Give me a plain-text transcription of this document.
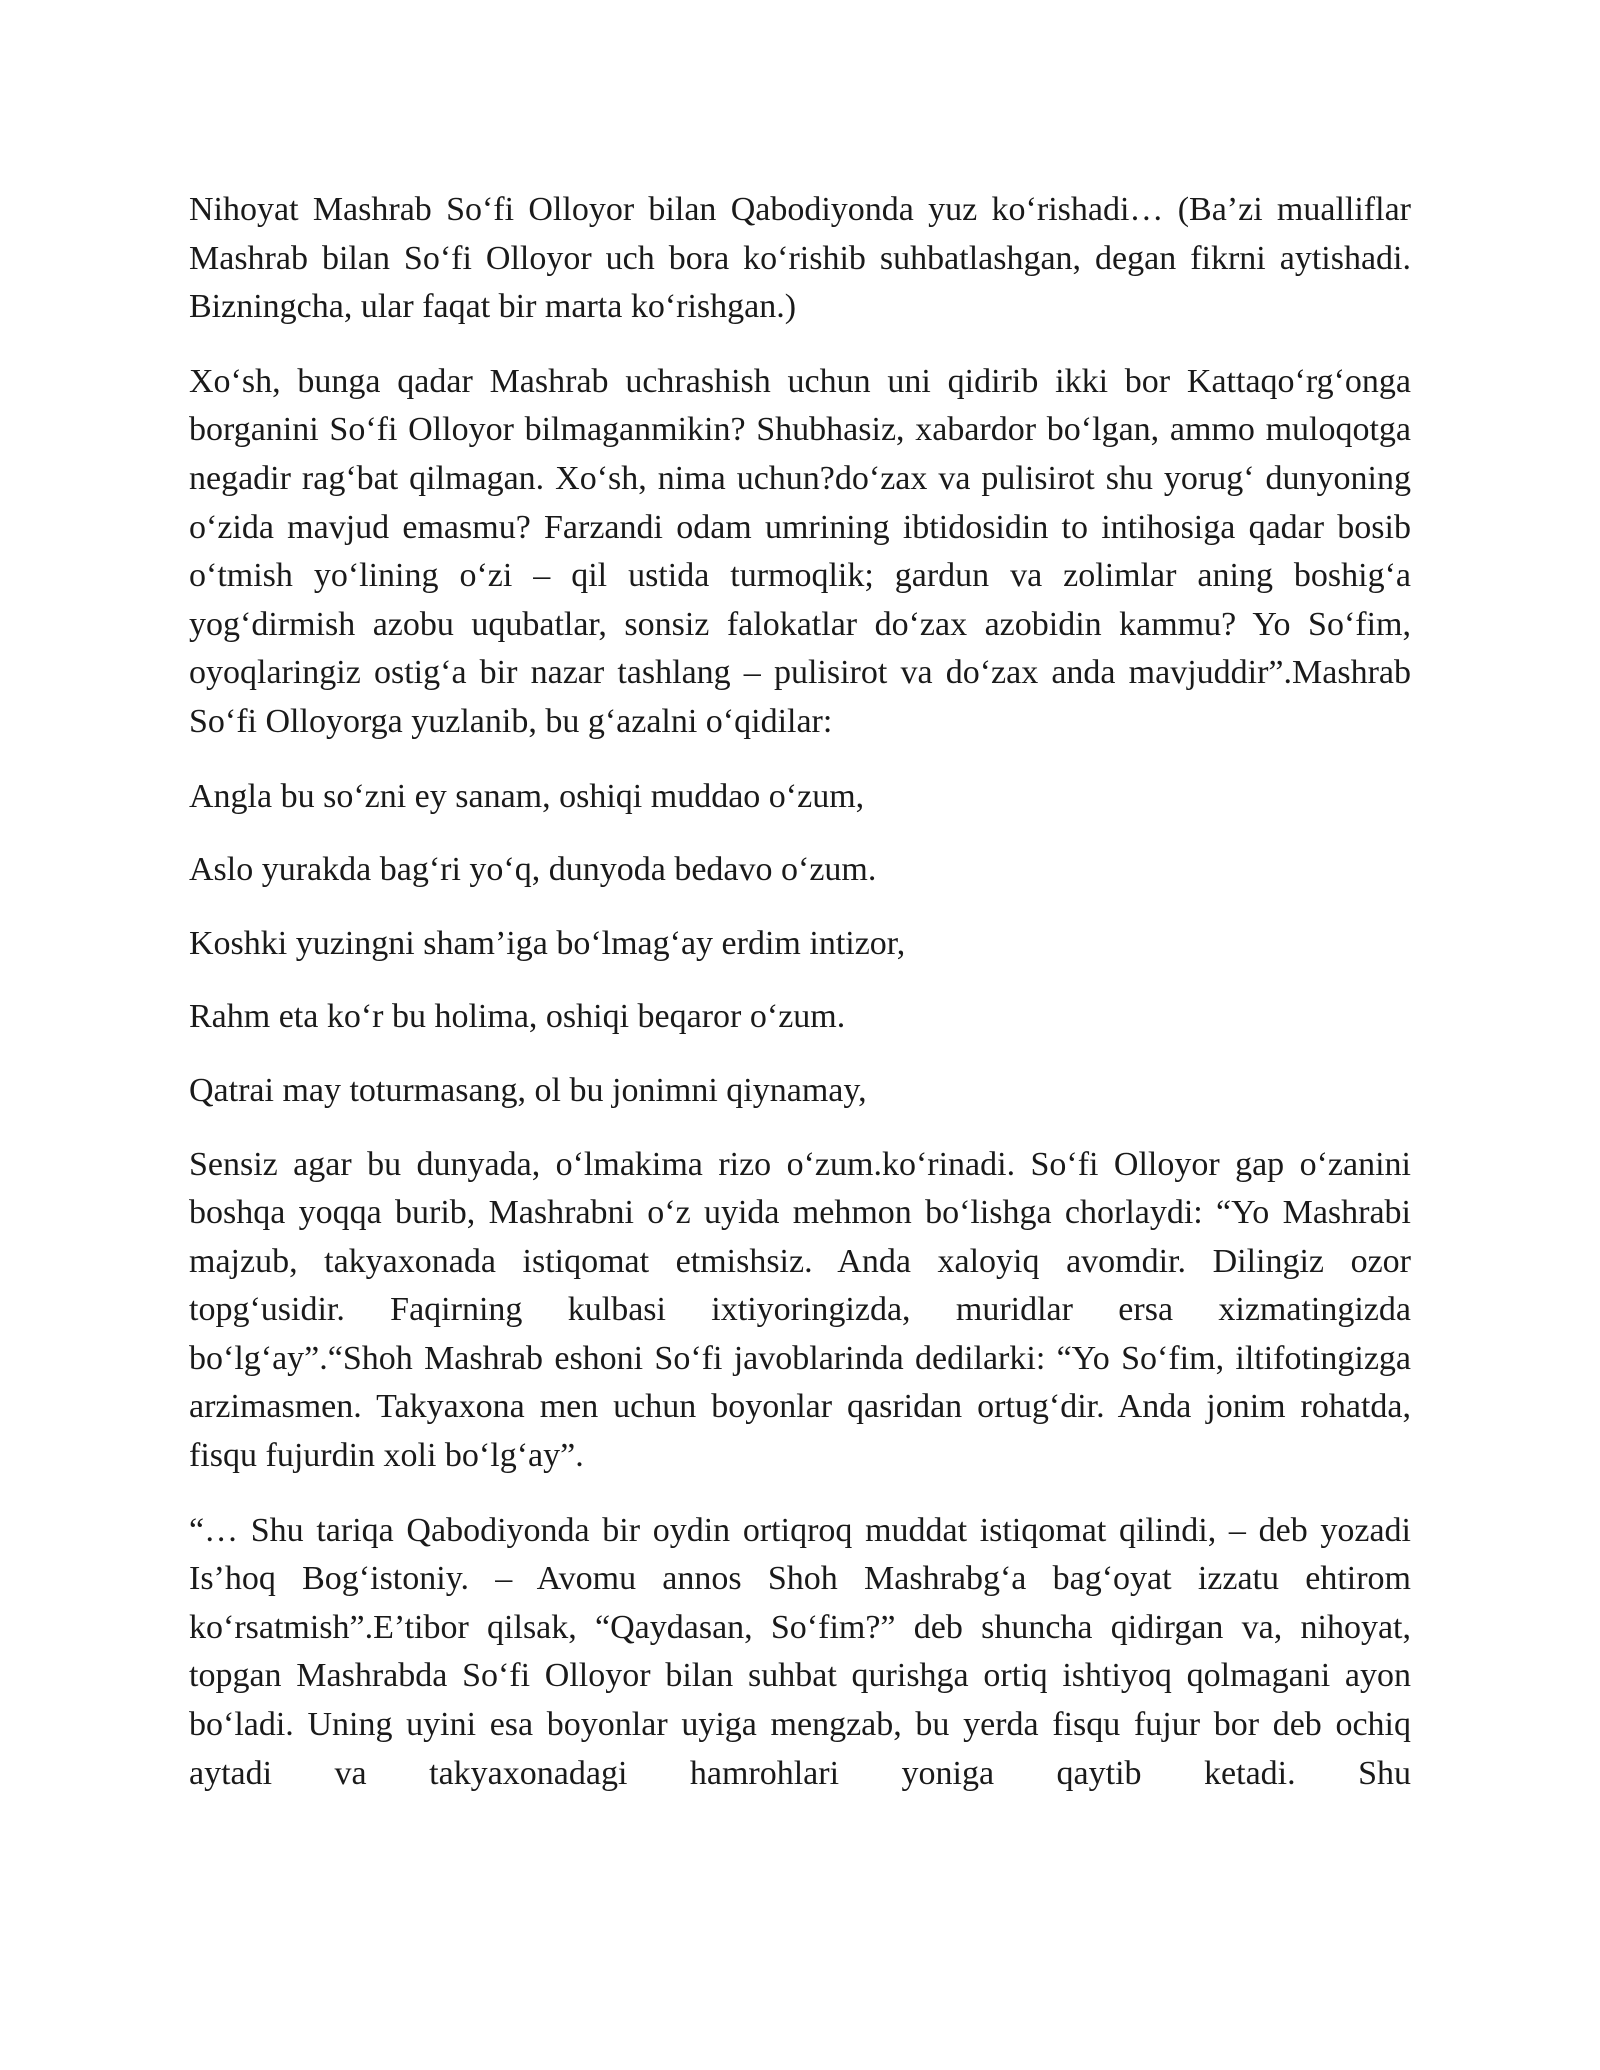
Nihoyat Mashrab So‘fi Olloyor bilan Qabodiyonda yuz ko‘rishadi… (Ba’zi mualliflar Mashrab bilan So‘fi Olloyor uch bora ko‘rishib suhbatlashgan, degan fikrni aytishadi. Bizningcha, ular faqat bir marta ko‘rishgan.)

Xo‘sh, bunga qadar Mashrab uchrashish uchun uni qidirib ikki bor Kattaqo‘rg‘onga borganini So‘fi Olloyor bilmaganmikin? Shubhasiz, xabardor bo‘lgan, ammo muloqotga negadir rag‘bat qilmagan. Xo‘sh, nima uchun?do‘zax va pulisirot shu yorug‘ dunyoning o‘zida mavjud emasmu? Farzandi odam umrining ibtidosidin to intihosiga qadar bosib o‘tmish yo‘lining o‘zi – qil ustida turmoqlik; gardun va zolimlar aning boshig‘a yog‘dirmish azobu uqubatlar, sonsiz falokatlar do‘zax azobidin kammu? Yo So‘fim, oyoqlaringiz ostig‘a bir nazar tashlang – pulisirot va do‘zax anda mavjuddir”.Mashrab So‘fi Olloyorga yuzlanib, bu g‘azalni o‘qidilar:

Angla bu so‘zni ey sanam, oshiqi muddao o‘zum,

Aslo yurakda bag‘ri yo‘q, dunyoda bedavo o‘zum.

Koshki yuzingni sham’iga bo‘lmag‘ay erdim intizor,

Rahm eta ko‘r bu holima, oshiqi beqaror o‘zum.

Qatrai may toturmasang, ol bu jonimni qiynamay,

Sensiz agar bu dunyada, o‘lmakima rizo o‘zum.ko‘rinadi. So‘fi Olloyor gap o‘zanini boshqa yoqqa burib, Mashrabni o‘z uyida mehmon bo‘lishga chorlaydi: “Yo Mashrabi majzub, takyaxonada istiqomat etmishsiz. Anda xaloyiq avomdir. Dilingiz ozor topg‘usidir. Faqirning kulbasi ixtiyoringizda, muridlar ersa xizmatingizda bo‘lg‘ay”.“Shoh Mashrab eshoni So‘fi javoblarinda dedilarki: “Yo So‘fim, iltifotingizga arzimasmen. Takyaxona men uchun boyonlar qasridan ortug‘dir. Anda jonim rohatda, fisqu fujurdin xoli bo‘lg‘ay”.

“… Shu tariqa Qabodiyonda bir oydin ortiqroq muddat istiqomat qilindi, – deb yozadi Is’hoq Bog‘istoniy. – Avomu annos Shoh Mashrabg‘a bag‘oyat izzatu ehtirom ko‘rsatmish”.E’tibor qilsak, “Qaydasan, So‘fim?” deb shuncha qidirgan va, nihoyat, topgan Mashrabda So‘fi Olloyor bilan suhbat qurishga ortiq ishtiyoq qolmagani ayon bo‘ladi. Uning uyini esa boyonlar uyiga mengzab, bu yerda fisqu fujur bor deb ochiq aytadi va takyaxonadagi hamrohlari yoniga qaytib ketadi. Shu
